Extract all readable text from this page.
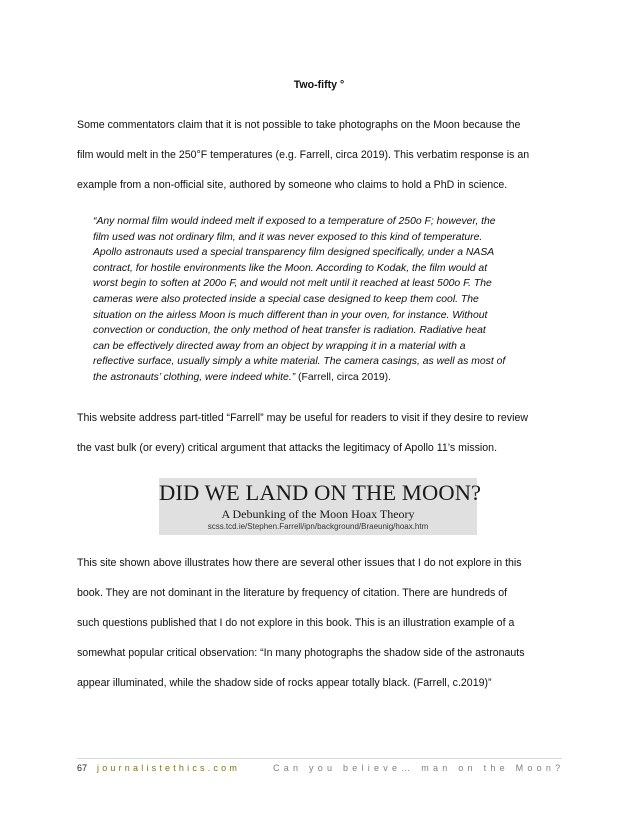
Two-fifty °
Some commentators claim that it is not possible to take photographs on the Moon because the
film would melt in the 250°F temperatures (e.g. Farrell, circa 2019). This verbatim response is an
example from a non-official site, authored by someone who claims to hold a PhD in science.
“Any normal film would indeed melt if exposed to a temperature of 250o F; however, the
film used was not ordinary film, and it was never exposed to this kind of temperature.
Apollo astronauts used a special transparency film designed specifically, under a NASA
contract, for hostile environments like the Moon. According to Kodak, the film would at
worst begin to soften at 200o F, and would not melt until it reached at least 500o F. The
cameras were also protected inside a special case designed to keep them cool. The
situation on the airless Moon is much different than in your oven, for instance. Without
convection or conduction, the only method of heat transfer is radiation. Radiative heat
can be effectively directed away from an object by wrapping it in a material with a
reflective surface, usually simply a white material. The camera casings, as well as most of
the astronauts’ clothing, were indeed white.” (Farrell, circa 2019).
This website address part-titled “Farrell” may be useful for readers to visit if they desire to review
the vast bulk (or every) critical argument that attacks the legitimacy of Apollo 11’s mission.
DID WE LAND ON THE MOON?
A Debunking of the Moon Hoax Theory
scss.tcd.ie/Stephen.Farrell/ipn/background/Braeunig/hoax.htm
This site shown above illustrates how there are several other issues that I do not explore in this
book. They are not dominant in the literature by frequency of citation. There are hundreds of
such questions published that I do not explore in this book. This is an illustration example of a
somewhat popular critical observation: “In many photographs the shadow side of the astronauts
appear illuminated, while the shadow side of rocks appear totally black. (Farrell, c.2019)”
67 journalistethics.com	Can you believe… man on the Moon?
